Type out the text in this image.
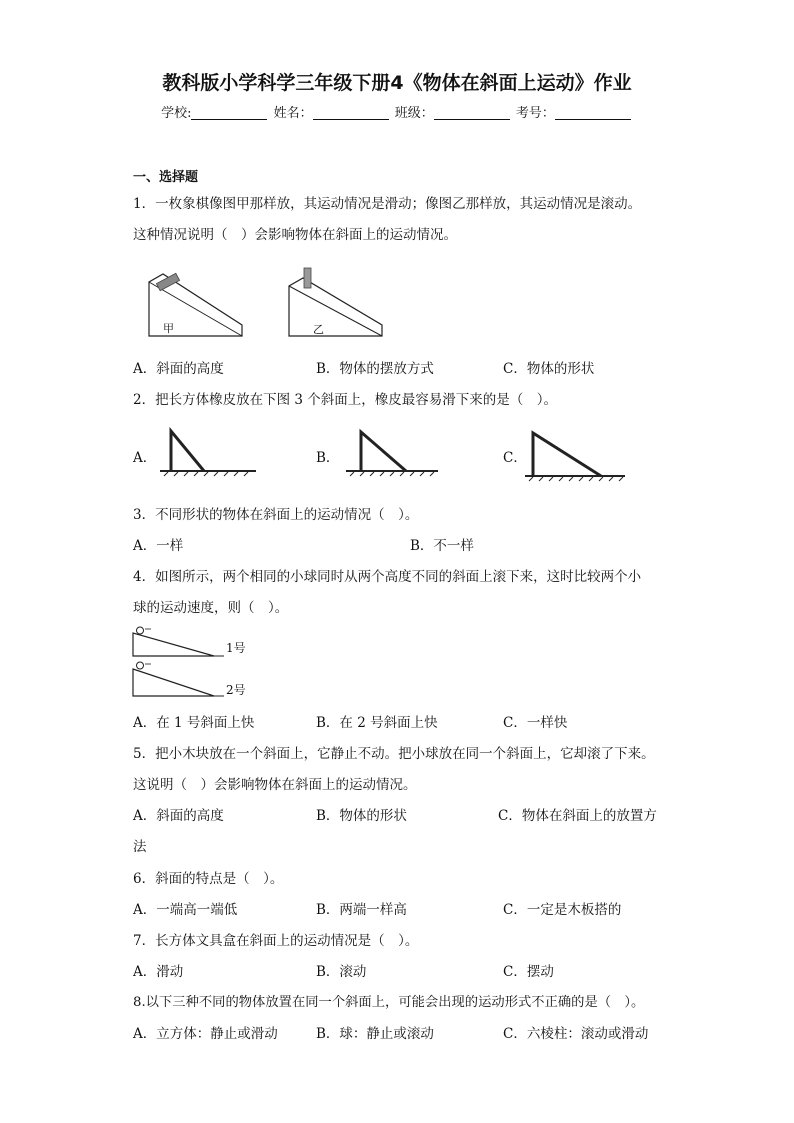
教科版小学科学三年级下册4《物体在斜面上运动》作业
学校:	姓名：	班级：	考号：
一、选择题
1．一枚象棋像图甲那样放，其运动情况是滑动；像图乙那样放，其运动情况是滚动。
这种情况说明（　）会影响物体在斜面上的运动情况。
甲	乙
A．斜面的高度	B．物体的摆放方式	C．物体的形状
2．把长方体橡皮放在下图 3 个斜面上，橡皮最容易滑下来的是（　）。
A．	B．	C．
3．不同形状的物体在斜面上的运动情况（　）。
A．一样	B．不一样
4．如图所示，两个相同的小球同时从两个高度不同的斜面上滚下来，这时比较两个小
球的运动速度，则（　）。
1号
2号
A．在 1 号斜面上快	B．在 2 号斜面上快	C．一样快
5．把小木块放在一个斜面上，它静止不动。把小球放在同一个斜面上，它却滚了下来。
这说明（　）会影响物体在斜面上的运动情况。
A．斜面的高度	B．物体的形状	C．物体在斜面上的放置方
法
6．斜面的特点是（　）。
A．一端高一端低	B．两端一样高	C．一定是木板搭的
7．长方体文具盒在斜面上的运动情况是（　）。
A．滑动	B．滚动	C．摆动
8.以下三种不同的物体放置在同一个斜面上，可能会出现的运动形式不正确的是（　）。
A．立方体：静止或滑动	B．球：静止或滚动	C．六棱柱：滚动或滑动
